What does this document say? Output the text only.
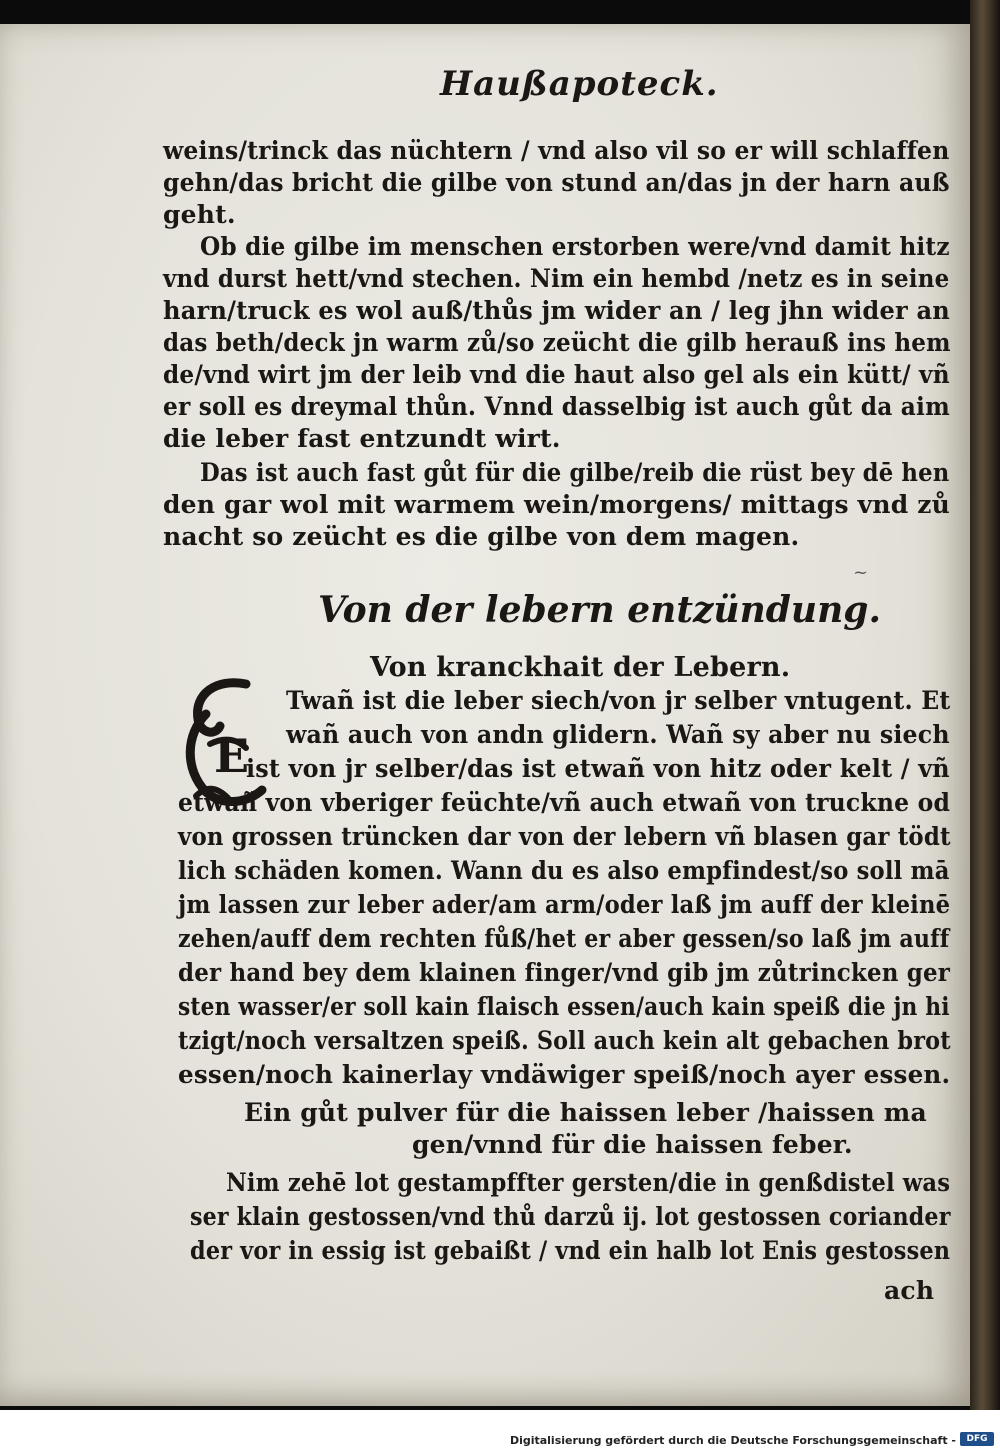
Haußapoteck.
weins/trinck das nüchtern / vnd also vil so er will schlaffen
gehn/das bricht die gilbe von stund an/das jn der harn auß
geht.
Ob die gilbe im menschen erstorben were/vnd damit hitz
vnd durst hett/vnd stechen. Nim ein hembd /netz es in seine
harn/truck es wol auß/thůs jm wider an / leg jhn wider an
das beth/deck jn warm zů/so zeücht die gilb herauß ins hem
de/vnd wirt jm der leib vnd die haut also gel als ein kütt/ vñ
er soll es dreymal thůn. Vnnd dasselbig ist auch gůt da aim
die leber fast entzundt wirt.
Das ist auch fast gůt für die gilbe/reib die rüst bey dē hen
den gar wol mit warmem wein/morgens/ mittags vnd zů
nacht so zeücht es die gilbe von dem magen.
Von der lebern entzündung.
Von kranckhait der Lebern.
E
Twañ ist die leber siech/von jr selber vntugent. Et
wañ auch von andn glidern. Wañ sy aber nu siech
ist von jr selber/das ist etwañ von hitz oder kelt / vñ
etwañ von vberiger feüchte/vñ auch etwañ von truckne od
von grossen trüncken dar von der lebern vñ blasen gar tödt
lich schäden komen. Wann du es also empfindest/so soll mā
jm lassen zur leber ader/am arm/oder laß jm auff der kleinē
zehen/auff dem rechten fůß/het er aber gessen/so laß jm auff
der hand bey dem klainen finger/vnd gib jm zůtrincken ger
sten wasser/er soll kain flaisch essen/auch kain speiß die jn hi
tzigt/noch versaltzen speiß. Soll auch kein alt gebachen brot
essen/noch kainerlay vndäwiger speiß/noch ayer essen.
Ein gůt pulver für die haissen leber /haissen ma
gen/vnnd für die haissen feber.
Nim zehē lot gestampffter gersten/die in genßdistel was
ser klain gestossen/vnd thů darzů ij. lot gestossen coriander
der vor in essig ist gebaißt / vnd ein halb lot Enis gestossen
ach
~
Digitalisierung gefördert durch die Deutsche Forschungsgemeinschaft -	DFG
